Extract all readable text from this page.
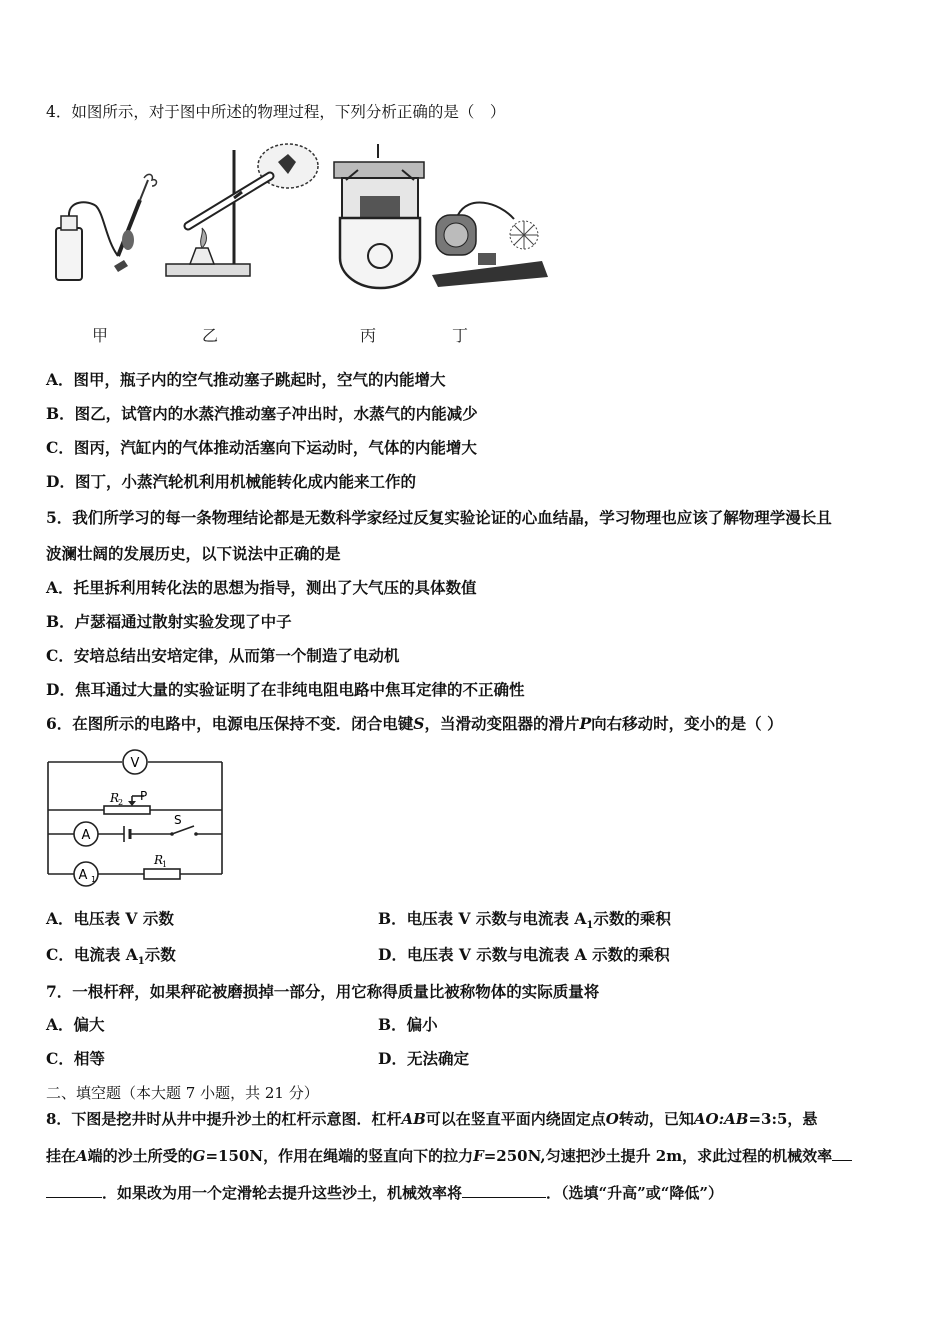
4．如图所示，对于图中所述的物理过程，下列分析正确的是（　）
甲	乙	丙	丁
A．图甲，瓶子内的空气推动塞子跳起时，空气的内能增大
B．图乙，试管内的水蒸汽推动塞子冲出时，水蒸气的内能减少
C．图丙，汽缸内的气体推动活塞向下运动时，气体的内能增大
D．图丁，小蒸汽轮机利用机械能转化成内能来工作的
5．我们所学习的每一条物理结论都是无数科学家经过反复实验论证的心血结晶，学习物理也应该了解物理学漫长且
波澜壮阔的发展历史，以下说法中正确的是
A．托里拆利用转化法的思想为指导，测出了大气压的具体数值
B．卢瑟福通过散射实验发现了中子
C．安培总结出安培定律，从而第一个制造了电动机
D．焦耳通过大量的实验证明了在非纯电阻电路中焦耳定律的不正确性
6．在图所示的电路中，电源电压保持不变．闭合电键S，当滑动变阻器的滑片P向右移动时，变小的是（ ）
V
A
A 1
R
2 P
S
R
1
A．电压表 V 示数	B．电压表 V 示数与电流表 $A_1$示数的乘积
C．电流表 $A_1$示数	D．电压表 V 示数与电流表 A 示数的乘积
7．一根杆秤，如果秤砣被磨损掉一部分，用它称得质量比被称物体的实际质量将
A．偏大	B．偏小
C．相等	D．无法确定
二、填空题（本大题 7 小题，共 21 分）
8．下图是挖井时从井中提升沙土的杠杆示意图．杠杆AB可以在竖直平面内绕固定点O转动，已知AO:AB=3:5，悬
挂在A端的沙土所受的G=150N，作用在绳端的竖直向下的拉力F=250N,匀速把沙土提升 2m，求此过程的机械效率
．如果改为用一个定滑轮去提升这些沙土，机械效率将	．（选填“升高”或“降低”）
